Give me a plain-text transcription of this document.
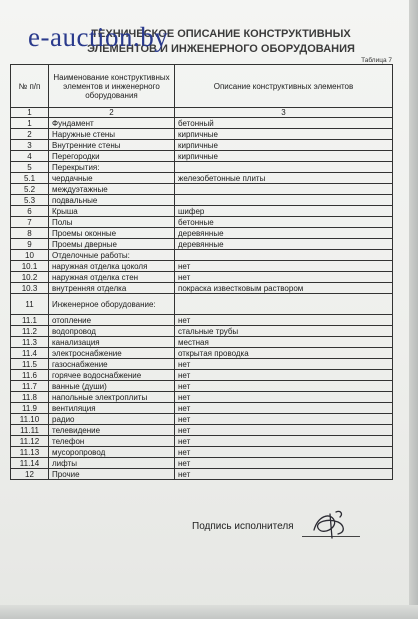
ТЕХНИЧЕСКОЕ ОПИСАНИЕ КОНСТРУКТИВНЫХ
ЭЛЕМЕНТОВ И ИНЖЕНЕРНОГО ОБОРУДОВАНИЯ
e-auction.by
Таблица 7
№ п/п	Наименование конструктивных элементов и инженерного оборудования	Описание конструктивных элементов
1	2	3
1	Фундамент	бетонный
2	Наружные стены	кирпичные
3	Внутренние стены	кирпичные
4	Перегородки	кирпичные
5	Перекрытия:	
5.1	чердачные	железобетонные плиты
5.2	междуэтажные	
5.3	подвальные	
6	Крыша	шифер
7	Полы	бетонные
8	Проемы оконные	деревянные
9	Проемы дверные	деревянные
10	Отделочные работы:	
10.1	наружная отделка цоколя	нет
10.2	наружная отделка стен	нет
10.3	внутренняя отделка	покраска известковым раствором
11	Инженерное оборудование:	
11.1	отопление	нет
11.2	водопровод	стальные трубы
11.3	канализация	местная
11.4	электроснабжение	открытая проводка
11.5	газоснабжение	нет
11.6	горячее водоснабжение	нет
11.7	ванные (души)	нет
11.8	напольные электроплиты	нет
11.9	вентиляция	нет
11.10	радио	нет
11.11	телевидение	нет
11.12	телефон	нет
11.13	мусоропровод	нет
11.14	лифты	нет
12	Прочие	нет
Подпись исполнителя
